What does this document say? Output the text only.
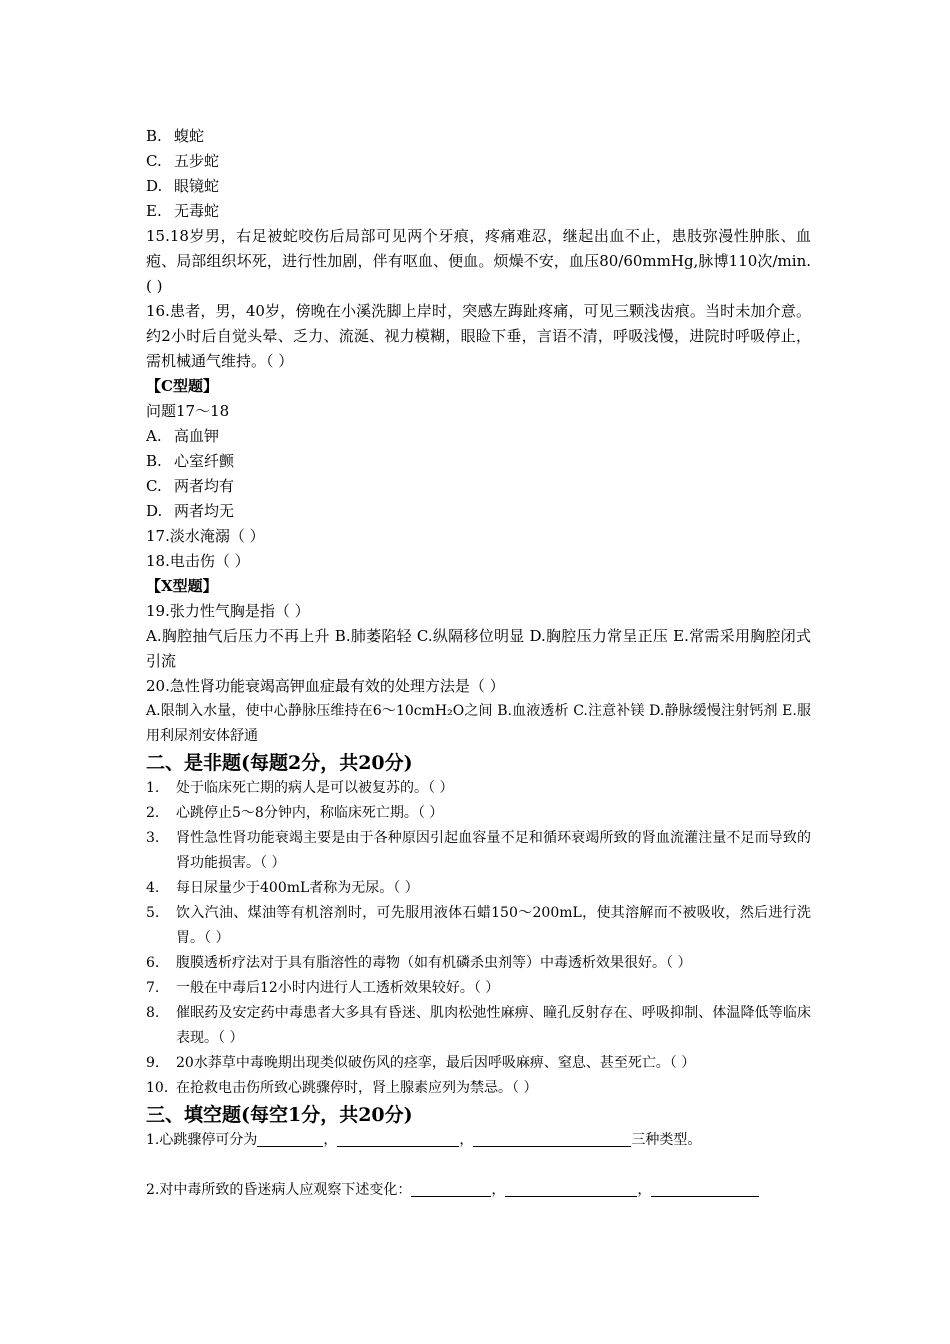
B. 蝮蛇
C. 五步蛇
D. 眼镜蛇
E. 无毒蛇
15.18岁男，右足被蛇咬伤后局部可见两个牙痕，疼痛难忍，继起出血不止，患肢弥漫性肿胀、血疱、局部组织坏死，进行性加剧，伴有呕血、便血。烦燥不安，血压80/60mmHg,脉博110次/min.( )
16.患者，男，40岁，傍晚在小溪洗脚上岸时，突感左踇趾疼痛，可见三颗浅齿痕。当时未加介意。约2小时后自觉头晕、乏力、流涎、视力模糊，眼睑下垂，言语不清，呼吸浅慢，进院时呼吸停止，需机械通气维持。（ ）
【C型题】
问题17～18
A. 高血钾
B. 心室纤颤
C. 两者均有
D. 两者均无
17.淡水淹溺（ ）
18.电击伤（ ）
【X型题】
19.张力性气胸是指（ ）
A.胸腔抽气后压力不再上升 B.肺萎陷轻 C.纵隔移位明显 D.胸腔压力常呈正压 E.常需采用胸腔闭式引流
20.急性肾功能衰竭高钾血症最有效的处理方法是（ ）
A.限制入水量，使中心静脉压维持在6～10cmH₂O之间 B.血液透析 C.注意补镁 D.静脉缓慢注射钙剂 E.服用利尿剂安体舒通
二、是非题(每题2分，共20分)
1.	处于临床死亡期的病人是可以被复苏的。（ ）
2.	心跳停止5～8分钟内，称临床死亡期。（ ）
3.	肾性急性肾功能衰竭主要是由于各种原因引起血容量不足和循环衰竭所致的肾血流灌注量不足而导致的肾功能损害。（ ）
4.	每日尿量少于400mL者称为无尿。（ ）
5.	饮入汽油、煤油等有机溶剂时，可先服用液体石蜡150～200mL，使其溶解而不被吸收，然后进行洗胃。（ ）
6.	腹膜透析疗法对于具有脂溶性的毒物（如有机磷杀虫剂等）中毒透析效果很好。（ ）
7.	一般在中毒后12小时内进行人工透析效果较好。（ ）
8.	催眠药及安定药中毒患者大多具有昏迷、肌肉松弛性麻痹、瞳孔反射存在、呼吸抑制、体温降低等临床表现。（ ）
9.	20水莽草中毒晚期出现类似破伤风的痉挛，最后因呼吸麻痹、窒息、甚至死亡。（ ）
10. 在抢救电击伤所致心跳骤停时，肾上腺素应列为禁忌。（ ）
三、填空题(每空1分，共20分)
1.心跳骤停可分为	，	，	三种类型。
2.对中毒所致的昏迷病人应观察下述变化：	，	，
